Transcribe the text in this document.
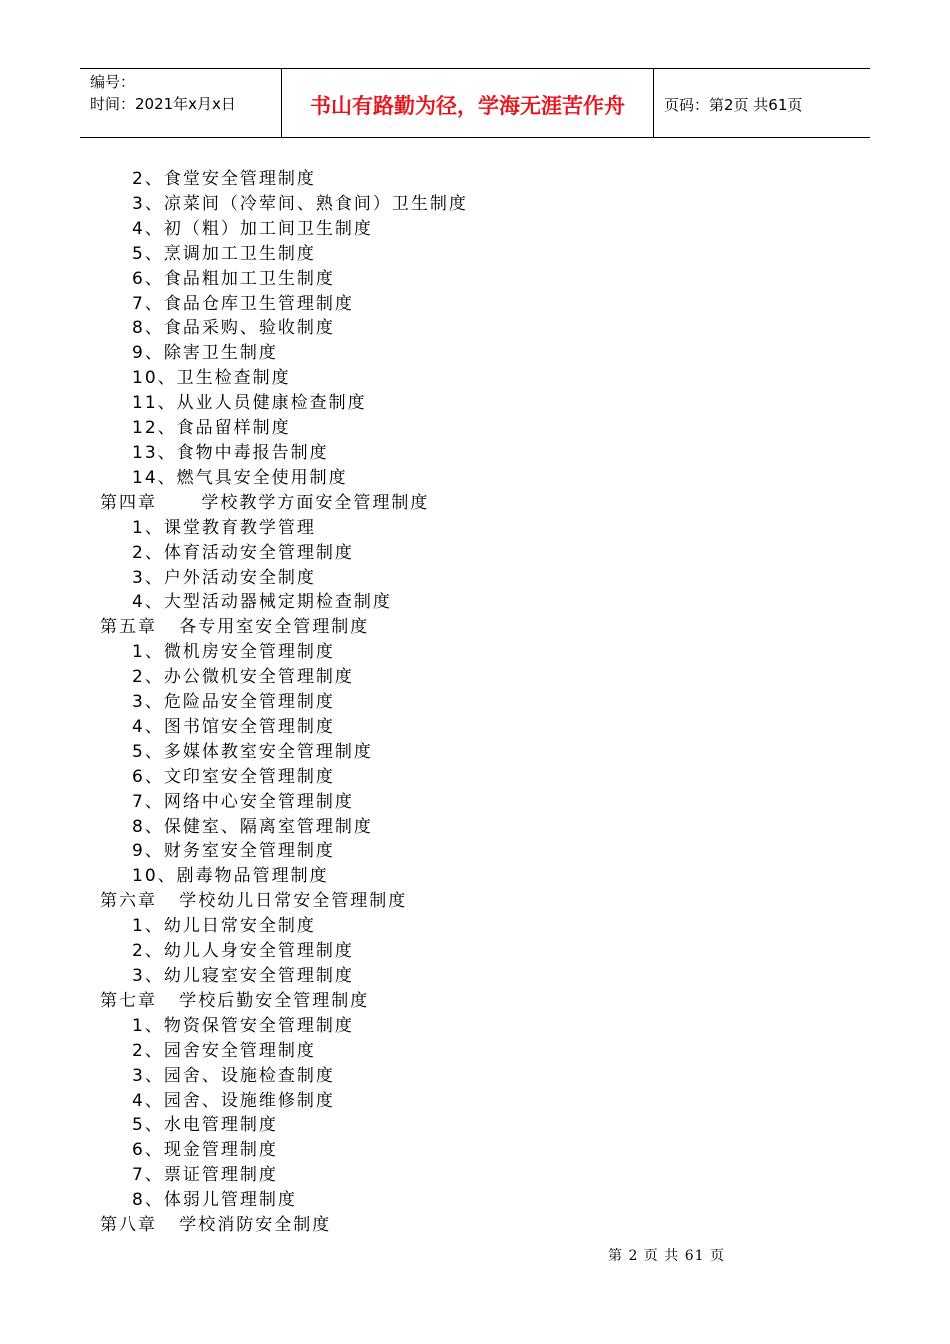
编号：
时间：2021年x月x日	书山有路勤为径，学海无涯苦作舟	页码：第2页 共61页
2、食堂安全管理制度
3、凉菜间（冷荤间、熟食间）卫生制度
4、初（粗）加工间卫生制度
5、烹调加工卫生制度
6、食品粗加工卫生制度
7、食品仓库卫生管理制度
8、食品采购、验收制度
9、除害卫生制度
10、卫生检查制度
11、从业人员健康检查制度
12、食品留样制度
13、食物中毒报告制度
14、燃气具安全使用制度
第四章      学校教学方面安全管理制度
1、课堂教育教学管理
2、体育活动安全管理制度
3、户外活动安全制度
4、大型活动器械定期检查制度
第五章   各专用室安全管理制度
1、微机房安全管理制度
2、办公微机安全管理制度
3、危险品安全管理制度
4、图书馆安全管理制度
5、多媒体教室安全管理制度
6、文印室安全管理制度
7、网络中心安全管理制度
8、保健室、隔离室管理制度
9、财务室安全管理制度
10、剧毒物品管理制度
第六章   学校幼儿日常安全管理制度
1、幼儿日常安全制度
2、幼儿人身安全管理制度
3、幼儿寝室安全管理制度
第七章   学校后勤安全管理制度
1、物资保管安全管理制度
2、园舍安全管理制度
3、园舍、设施检查制度
4、园舍、设施维修制度
5、水电管理制度
6、现金管理制度
7、票证管理制度
8、体弱儿管理制度
第八章   学校消防安全制度
第 2 页 共 61 页
